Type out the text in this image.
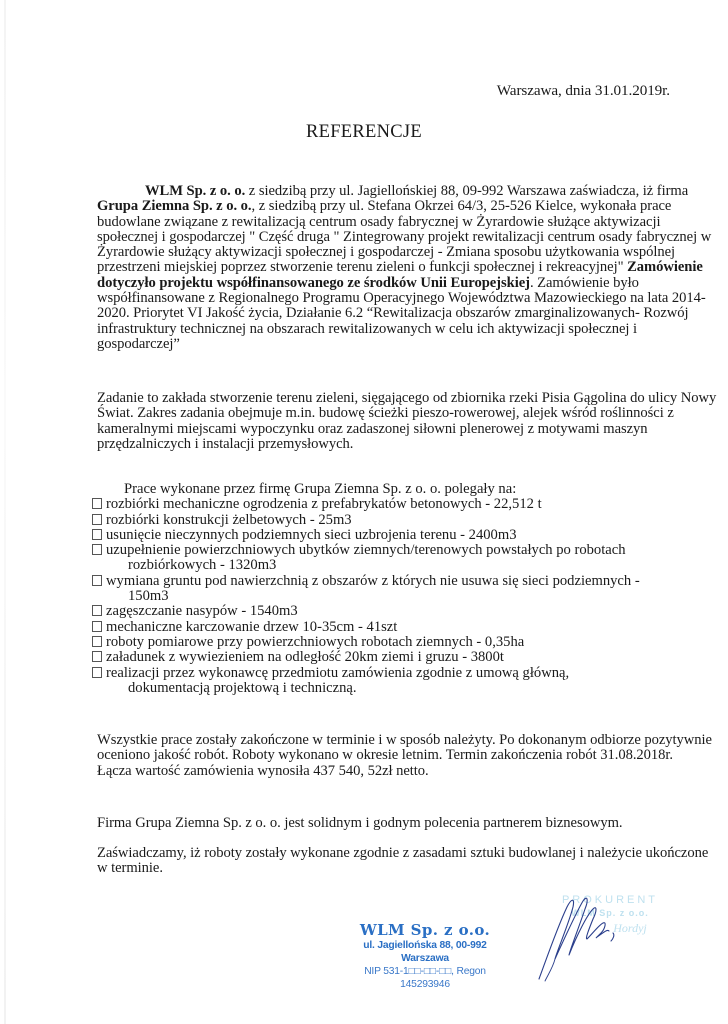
Warszawa, dnia 31.01.2019r.
REFERENCJE

WLM Sp. z o. o. z siedzibą przy ul. Jagiellońskiej 88, 09-992 Warszawa zaświadcza, iż firma Grupa Ziemna Sp. z o. o., z siedzibą przy ul. Stefana Okrzei 64/3, 25-526 Kielce, wykonała prace budowlane związane z rewitalizacją centrum osady fabrycznej w Żyrardowie służące aktywizacji społecznej i gospodarczej " Część druga " Zintegrowany projekt rewitalizacji centrum osady fabrycznej w Żyrardowie służący aktywizacji społecznej i gospodarczej - Zmiana sposobu użytkowania wspólnej przestrzeni miejskiej poprzez stworzenie terenu zieleni o funkcji społecznej i rekreacyjnej" Zamówienie dotyczyło projektu współfinansowanego ze środków Unii Europejskiej. Zamówienie było współfinansowane z Regionalnego Programu Operacyjnego Województwa Mazowieckiego na lata 2014-2020. Priorytet VI Jakość życia, Działanie 6.2 “Rewitalizacja obszarów zmarginalizowanych- Rozwój infrastruktury technicznej na obszarach rewitalizowanych w celu ich aktywizacji społecznej i gospodarczej”

Zadanie to zakłada stworzenie terenu zieleni, sięgającego od zbiornika rzeki Pisia Gągolina do ulicy Nowy Świat. Zakres zadania obejmuje m.in. budowę ścieżki pieszo-rowerowej, alejek wśród roślinności z kameralnymi miejscami wypoczynku oraz zadaszonej siłowni plenerowej z motywami maszyn przędzalniczych i instalacji przemysłowych.

Prace wykonane przez firmę Grupa Ziemna Sp. z o. o. polegały na:
rozbiórki mechaniczne ogrodzenia z prefabrykatów betonowych - 22,512 t
rozbiórki konstrukcji żelbetowych - 25m3
usunięcie nieczynnych podziemnych sieci uzbrojenia terenu - 2400m3
uzupełnienie powierzchniowych ubytków ziemnych/terenowych powstałych po robotach
rozbiórkowych - 1320m3
wymiana gruntu pod nawierzchnią z obszarów z których nie usuwa się sieci podziemnych -
150m3
zagęszczanie nasypów - 1540m3
mechaniczne karczowanie drzew 10-35cm - 41szt
roboty pomiarowe przy powierzchniowych robotach ziemnych - 0,35ha
załadunek z wywiezieniem na odległość 20km ziemi i gruzu - 3800t
realizacji przez wykonawcę przedmiotu zamówienia zgodnie z umową główną,
dokumentacją projektową i techniczną.

Wszystkie prace zostały zakończone w terminie i w sposób należyty. Po dokonanym odbiorze pozytywnie oceniono jakość robót. Roboty wykonano w okresie letnim. Termin zakończenia robót 31.08.2018r.

Łącza wartość zamówienia wynosiła 437 540, 52zł netto.

Firma Grupa Ziemna Sp. z o. o. jest solidnym i godnym polecenia partnerem biznesowym.

Zaświadczamy, iż roboty zostały wykonane zgodnie z zasadami sztuki budowlanej i należycie ukończone w terminie.

WLM Sp. z o.o.
ul. Jagiellońska 88, 00-992 Warszawa
NIP 531-1□□-□□-□□, Regon 145293946
PROKURENT
WLM Sp. z o.o.
Hordyj
